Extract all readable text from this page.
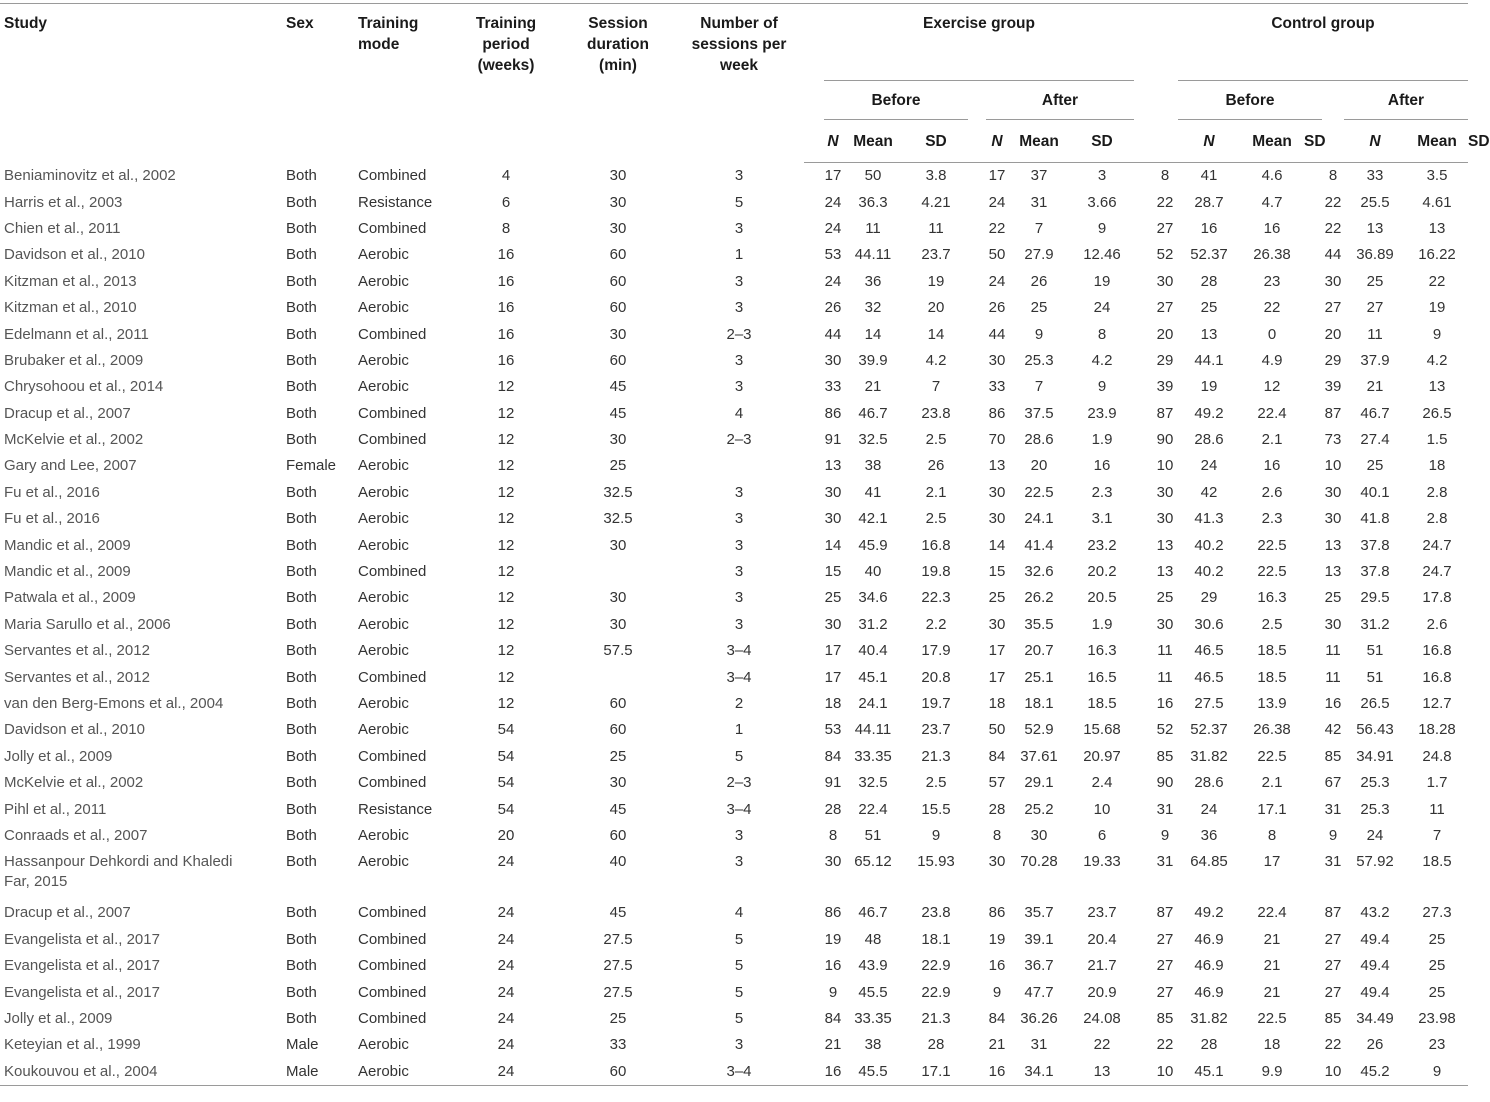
Study	Sex	Training mode	Training period (weeks)	Session duration (min)	Number of sessions per week		Exercise group									Control group						
							Before				After					Before				After		
							N	Mean	SD		N	Mean	SD			N	Mean	SD		N	Mean	SD
Beniaminovitz et al., 2002	Both	Combined	4	30	3		17	50	3.8		17	37	3		8	41	4.6		8	33	3.5	
Harris et al., 2003	Both	Resistance	6	30	5		24	36.3	4.21		24	31	3.66		22	28.7	4.7		22	25.5	4.61	
Chien et al., 2011	Both	Combined	8	30	3		24	11	11		22	7	9		27	16	16		22	13	13	
Davidson et al., 2010	Both	Aerobic	16	60	1		53	44.11	23.7		50	27.9	12.46		52	52.37	26.38		44	36.89	16.22	
Kitzman et al., 2013	Both	Aerobic	16	60	3		24	36	19		24	26	19		30	28	23		30	25	22	
Kitzman et al., 2010	Both	Aerobic	16	60	3		26	32	20		26	25	24		27	25	22		27	27	19	
Edelmann et al., 2011	Both	Combined	16	30	2–3		44	14	14		44	9	8		20	13	0		20	11	9	
Brubaker et al., 2009	Both	Aerobic	16	60	3		30	39.9	4.2		30	25.3	4.2		29	44.1	4.9		29	37.9	4.2	
Chrysohoou et al., 2014	Both	Aerobic	12	45	3		33	21	7		33	7	9		39	19	12		39	21	13	
Dracup et al., 2007	Both	Combined	12	45	4		86	46.7	23.8		86	37.5	23.9		87	49.2	22.4		87	46.7	26.5	
McKelvie et al., 2002	Both	Combined	12	30	2–3		91	32.5	2.5		70	28.6	1.9		90	28.6	2.1		73	27.4	1.5	
Gary and Lee, 2007	Female	Aerobic	12	25			13	38	26		13	20	16		10	24	16		10	25	18	
Fu et al., 2016	Both	Aerobic	12	32.5	3		30	41	2.1		30	22.5	2.3		30	42	2.6		30	40.1	2.8	
Fu et al., 2016	Both	Aerobic	12	32.5	3		30	42.1	2.5		30	24.1	3.1		30	41.3	2.3		30	41.8	2.8	
Mandic et al., 2009	Both	Aerobic	12	30	3		14	45.9	16.8		14	41.4	23.2		13	40.2	22.5		13	37.8	24.7	
Mandic et al., 2009	Both	Combined	12		3		15	40	19.8		15	32.6	20.2		13	40.2	22.5		13	37.8	24.7	
Patwala et al., 2009	Both	Aerobic	12	30	3		25	34.6	22.3		25	26.2	20.5		25	29	16.3		25	29.5	17.8	
Maria Sarullo et al., 2006	Both	Aerobic	12	30	3		30	31.2	2.2		30	35.5	1.9		30	30.6	2.5		30	31.2	2.6	
Servantes et al., 2012	Both	Aerobic	12	57.5	3–4		17	40.4	17.9		17	20.7	16.3		11	46.5	18.5		11	51	16.8	
Servantes et al., 2012	Both	Combined	12		3–4		17	45.1	20.8		17	25.1	16.5		11	46.5	18.5		11	51	16.8	
van den Berg-Emons et al., 2004	Both	Aerobic	12	60	2		18	24.1	19.7		18	18.1	18.5		16	27.5	13.9		16	26.5	12.7	
Davidson et al., 2010	Both	Aerobic	54	60	1		53	44.11	23.7		50	52.9	15.68		52	52.37	26.38		42	56.43	18.28	
Jolly et al., 2009	Both	Combined	54	25	5		84	33.35	21.3		84	37.61	20.97		85	31.82	22.5		85	34.91	24.8	
McKelvie et al., 2002	Both	Combined	54	30	2–3		91	32.5	2.5		57	29.1	2.4		90	28.6	2.1		67	25.3	1.7	
Pihl et al., 2011	Both	Resistance	54	45	3–4		28	22.4	15.5		28	25.2	10		31	24	17.1		31	25.3	11	
Conraads et al., 2007	Both	Aerobic	20	60	3		8	51	9		8	30	6		9	36	8		9	24	7	
Hassanpour Dehkordi and Khaledi Far, 2015	Both	Aerobic	24	40	3		30	65.12	15.93		30	70.28	19.33		31	64.85	17		31	57.92	18.5	
Dracup et al., 2007	Both	Combined	24	45	4		86	46.7	23.8		86	35.7	23.7		87	49.2	22.4		87	43.2	27.3	
Evangelista et al., 2017	Both	Combined	24	27.5	5		19	48	18.1		19	39.1	20.4		27	46.9	21		27	49.4	25	
Evangelista et al., 2017	Both	Combined	24	27.5	5		16	43.9	22.9		16	36.7	21.7		27	46.9	21		27	49.4	25	
Evangelista et al., 2017	Both	Combined	24	27.5	5		9	45.5	22.9		9	47.7	20.9		27	46.9	21		27	49.4	25	
Jolly et al., 2009	Both	Combined	24	25	5		84	33.35	21.3		84	36.26	24.08		85	31.82	22.5		85	34.49	23.98	
Keteyian et al., 1999	Male	Aerobic	24	33	3		21	38	28		21	31	22		22	28	18		22	26	23	
Koukouvou et al., 2004	Male	Aerobic	24	60	3–4		16	45.5	17.1		16	34.1	13		10	45.1	9.9		10	45.2	9	
